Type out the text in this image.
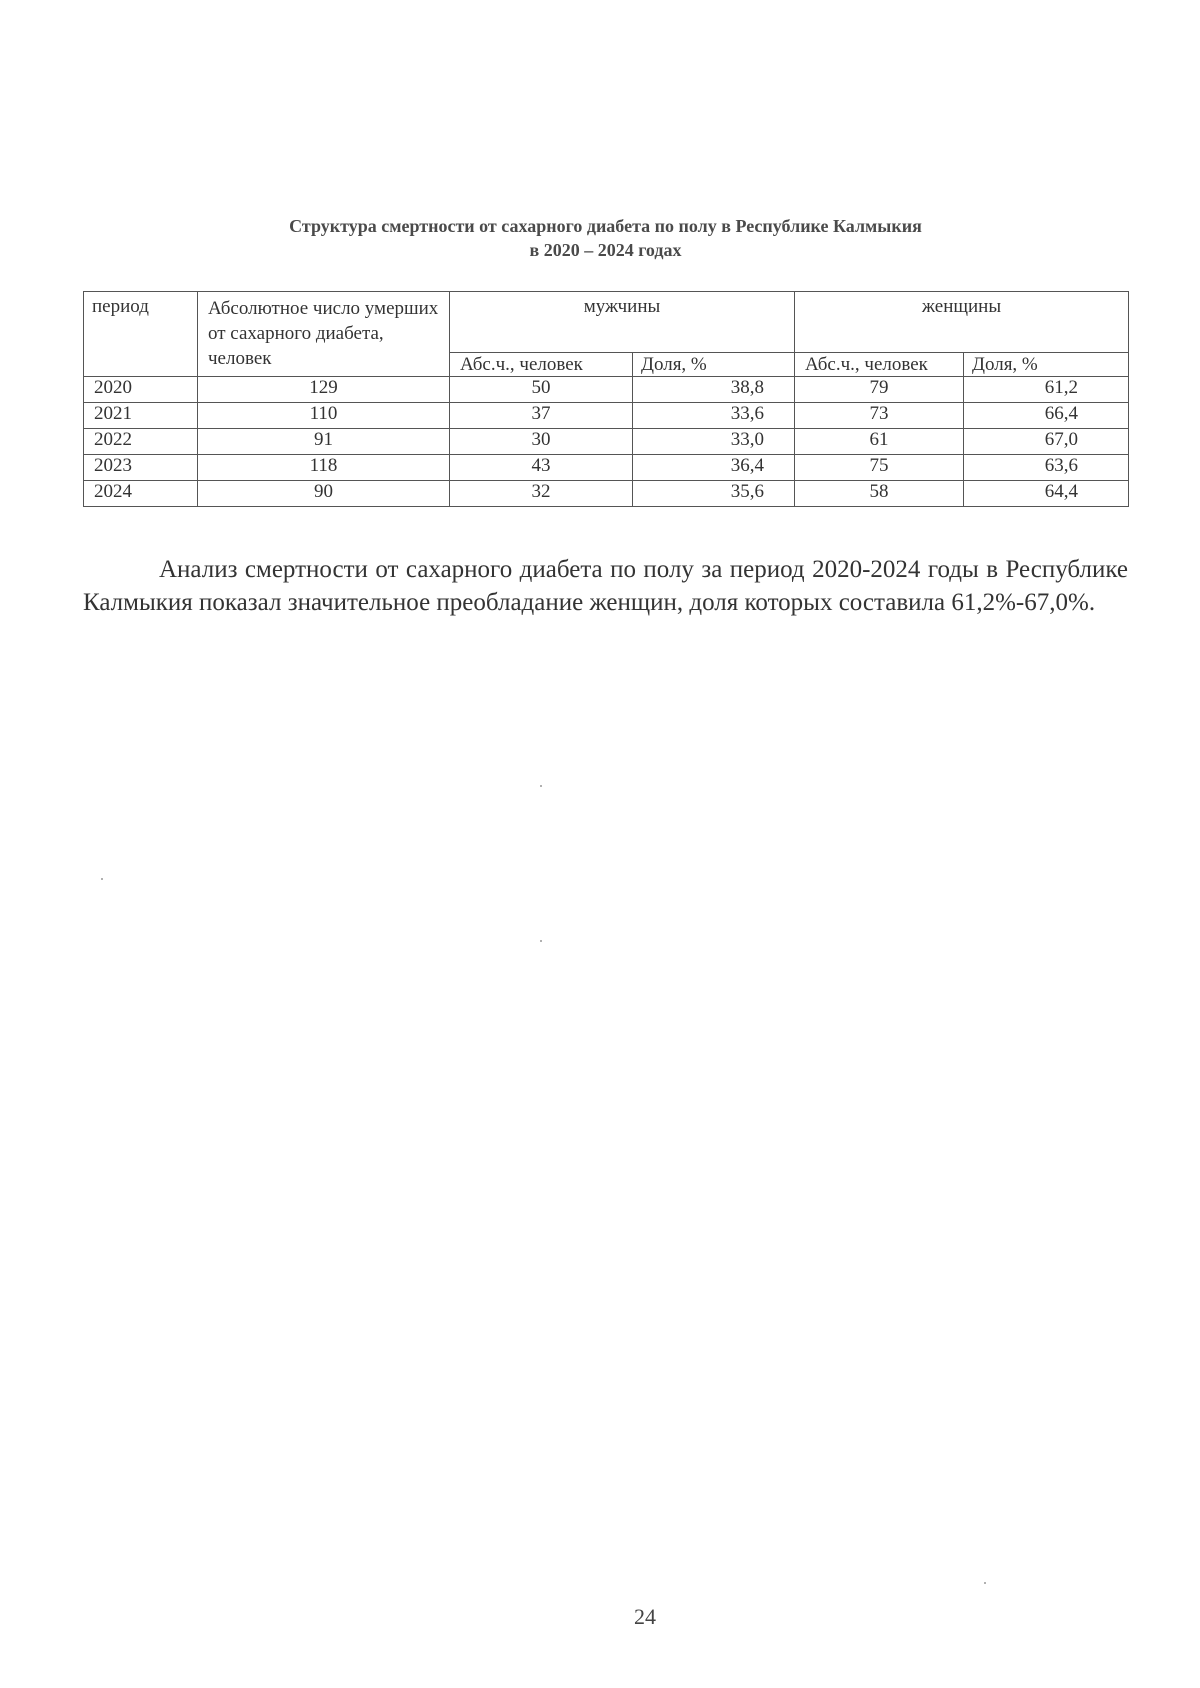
Структура смертности от сахарного диабета по полу в Республике Калмыкия
в 2020 – 2024 годах
период	Абсолютное число умерших от сахарного диабета, человек	мужчины		женщины	
		Абс.ч., человек	Доля, %	Абс.ч., человек	Доля, %
2020	129	50	38,8	79	61,2
2021	110	37	33,6	73	66,4
2022	91	30	33,0	61	67,0
2023	118	43	36,4	75	63,6
2024	90	32	35,6	58	64,4

Анализ смертности от сахарного диабета по полу за период 2020-2024 годы в Республике Калмыкия показал значительное преобладание женщин, доля которых составила 61,2%-67,0%.

24
